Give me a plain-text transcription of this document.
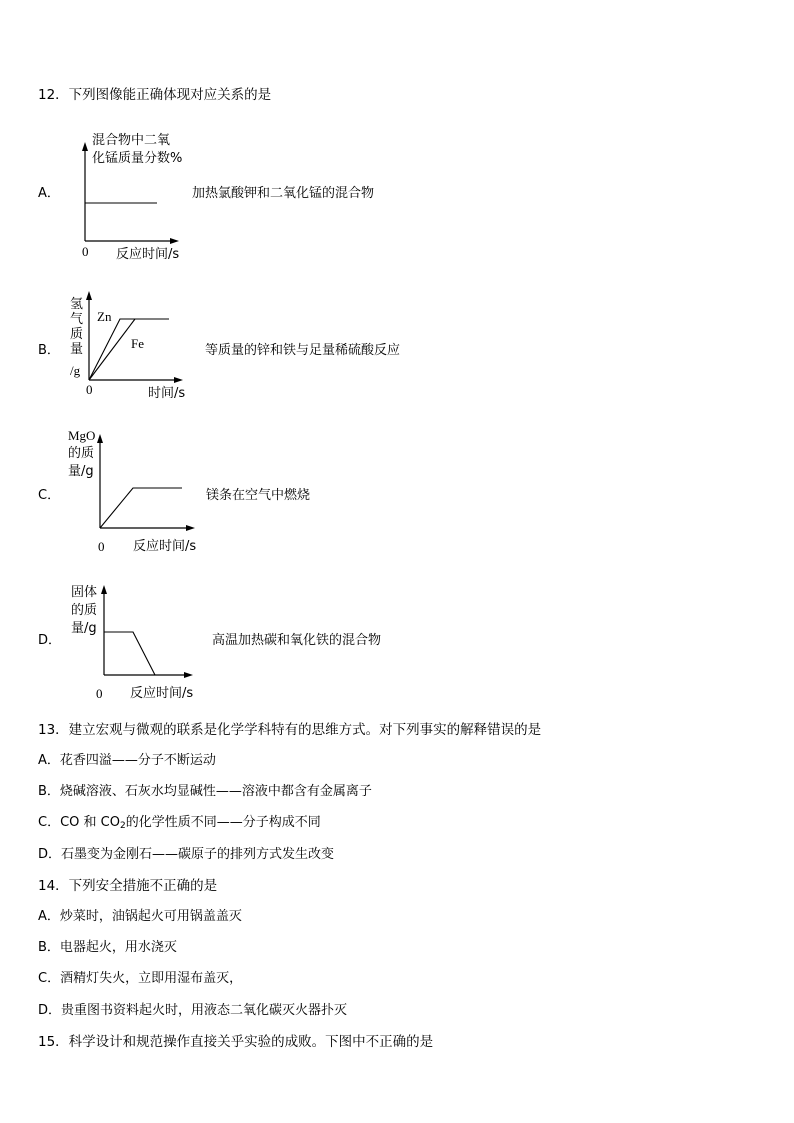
12．下列图像能正确体现对应关系的是
A．
混合物中二氧
化锰质量分数%
0 反应时间/s
加热氯酸钾和二氧化锰的混合物
B．
氢
气
质
量
/g
Zn
Fe
0	时间/s
等质量的锌和铁与足量稀硫酸反应
C．
MgO
的质
量/g
0 反应时间/s
镁条在空气中燃烧
D．
固体
的质
量/g
0 反应时间/s
高温加热碳和氧化铁的混合物
13．建立宏观与微观的联系是化学学科特有的思维方式。对下列事实的解释错误的是
A．花香四溢——分子不断运动
B．烧碱溶液、石灰水均显碱性——溶液中都含有金属离子
C．CO 和 $CO_2$的化学性质不同——分子构成不同
D．石墨变为金刚石——碳原子的排列方式发生改变
14．下列安全措施不正确的是
A．炒菜时，油锅起火可用锅盖盖灭
B．电器起火，用水浇灭
C．酒精灯失火，立即用湿布盖灭，
D．贵重图书资料起火时，用液态二氧化碳灭火器扑灭
15．科学设计和规范操作直接关乎实验的成败。下图中不正确的是
